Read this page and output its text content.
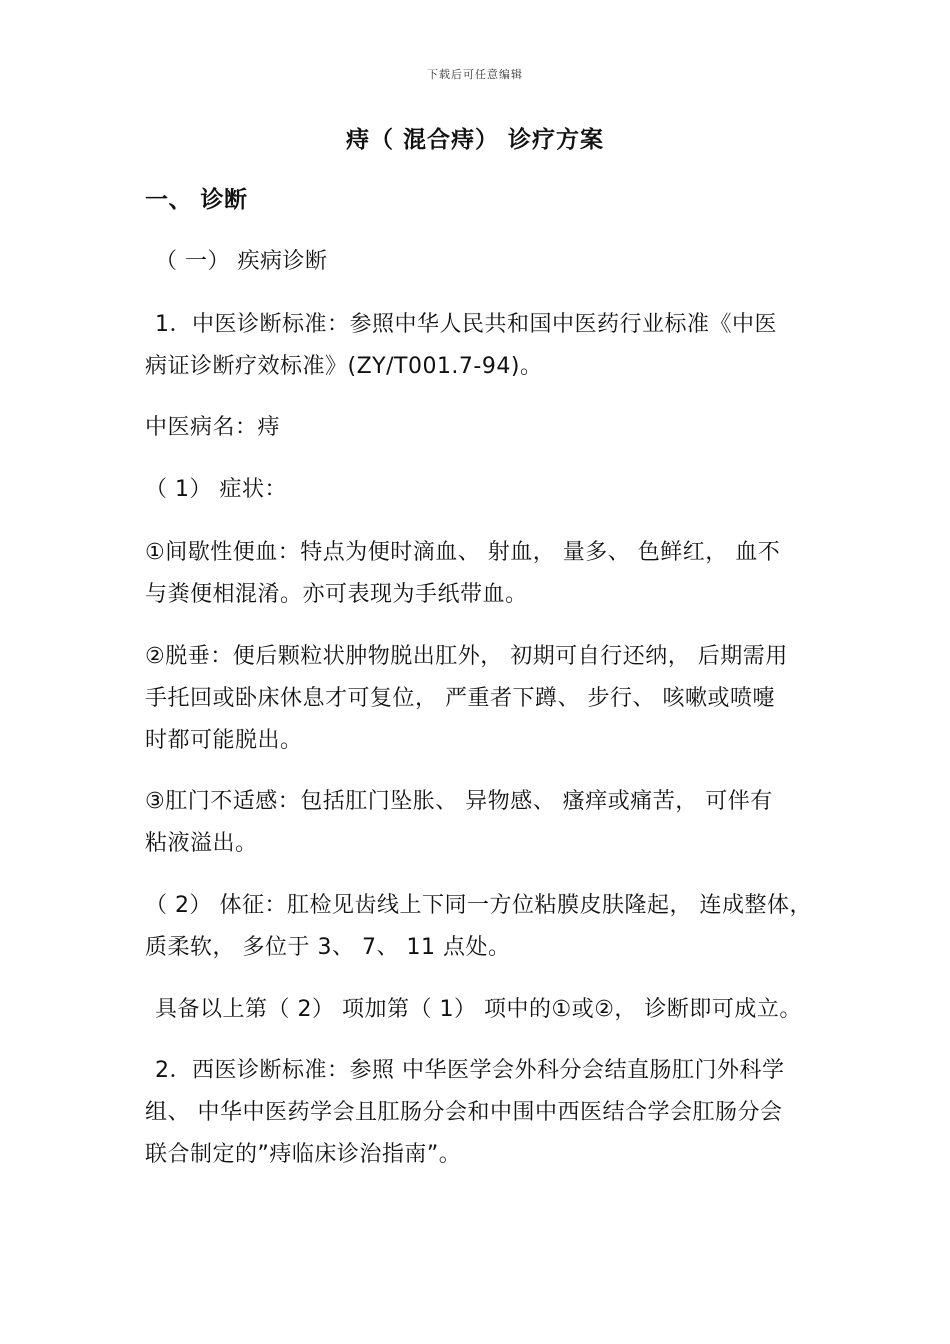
下载后可任意编辑
痔（ 混合痔） 诊疗方案
一、 诊断
（ 一） 疾病诊断
1．中医诊断标准：参照中华人民共和国中医药行业标准《中医
病证诊断疗效标准》(ZY/T001.7-94)。
中医病名：痔
（ 1） 症状：
①间歇性便血：特点为便时滴血、 射血， 量多、 色鲜红， 血不
与粪便相混淆。亦可表现为手纸带血。
②脱垂：便后颗粒状肿物脱出肛外， 初期可自行还纳， 后期需用
手托回或卧床休息才可复位， 严重者下蹲、 步行、 咳嗽或喷嚏
时都可能脱出。
③肛门不适感：包括肛门坠胀、 异物感、 瘙痒或痛苦， 可伴有
粘液溢出。
（ 2） 体征：肛检见齿线上下同一方位粘膜皮肤隆起， 连成整体，
质柔软， 多位于 3、 7、 11 点处。
具备以上第（ 2） 项加第（ 1） 项中的①或②， 诊断即可成立。
2．西医诊断标准：参照 中华医学会外科分会结直肠肛门外科学
组、 中华中医药学会且肛肠分会和中围中西医结合学会肛肠分会
联合制定的”痔临床诊治指南”。
